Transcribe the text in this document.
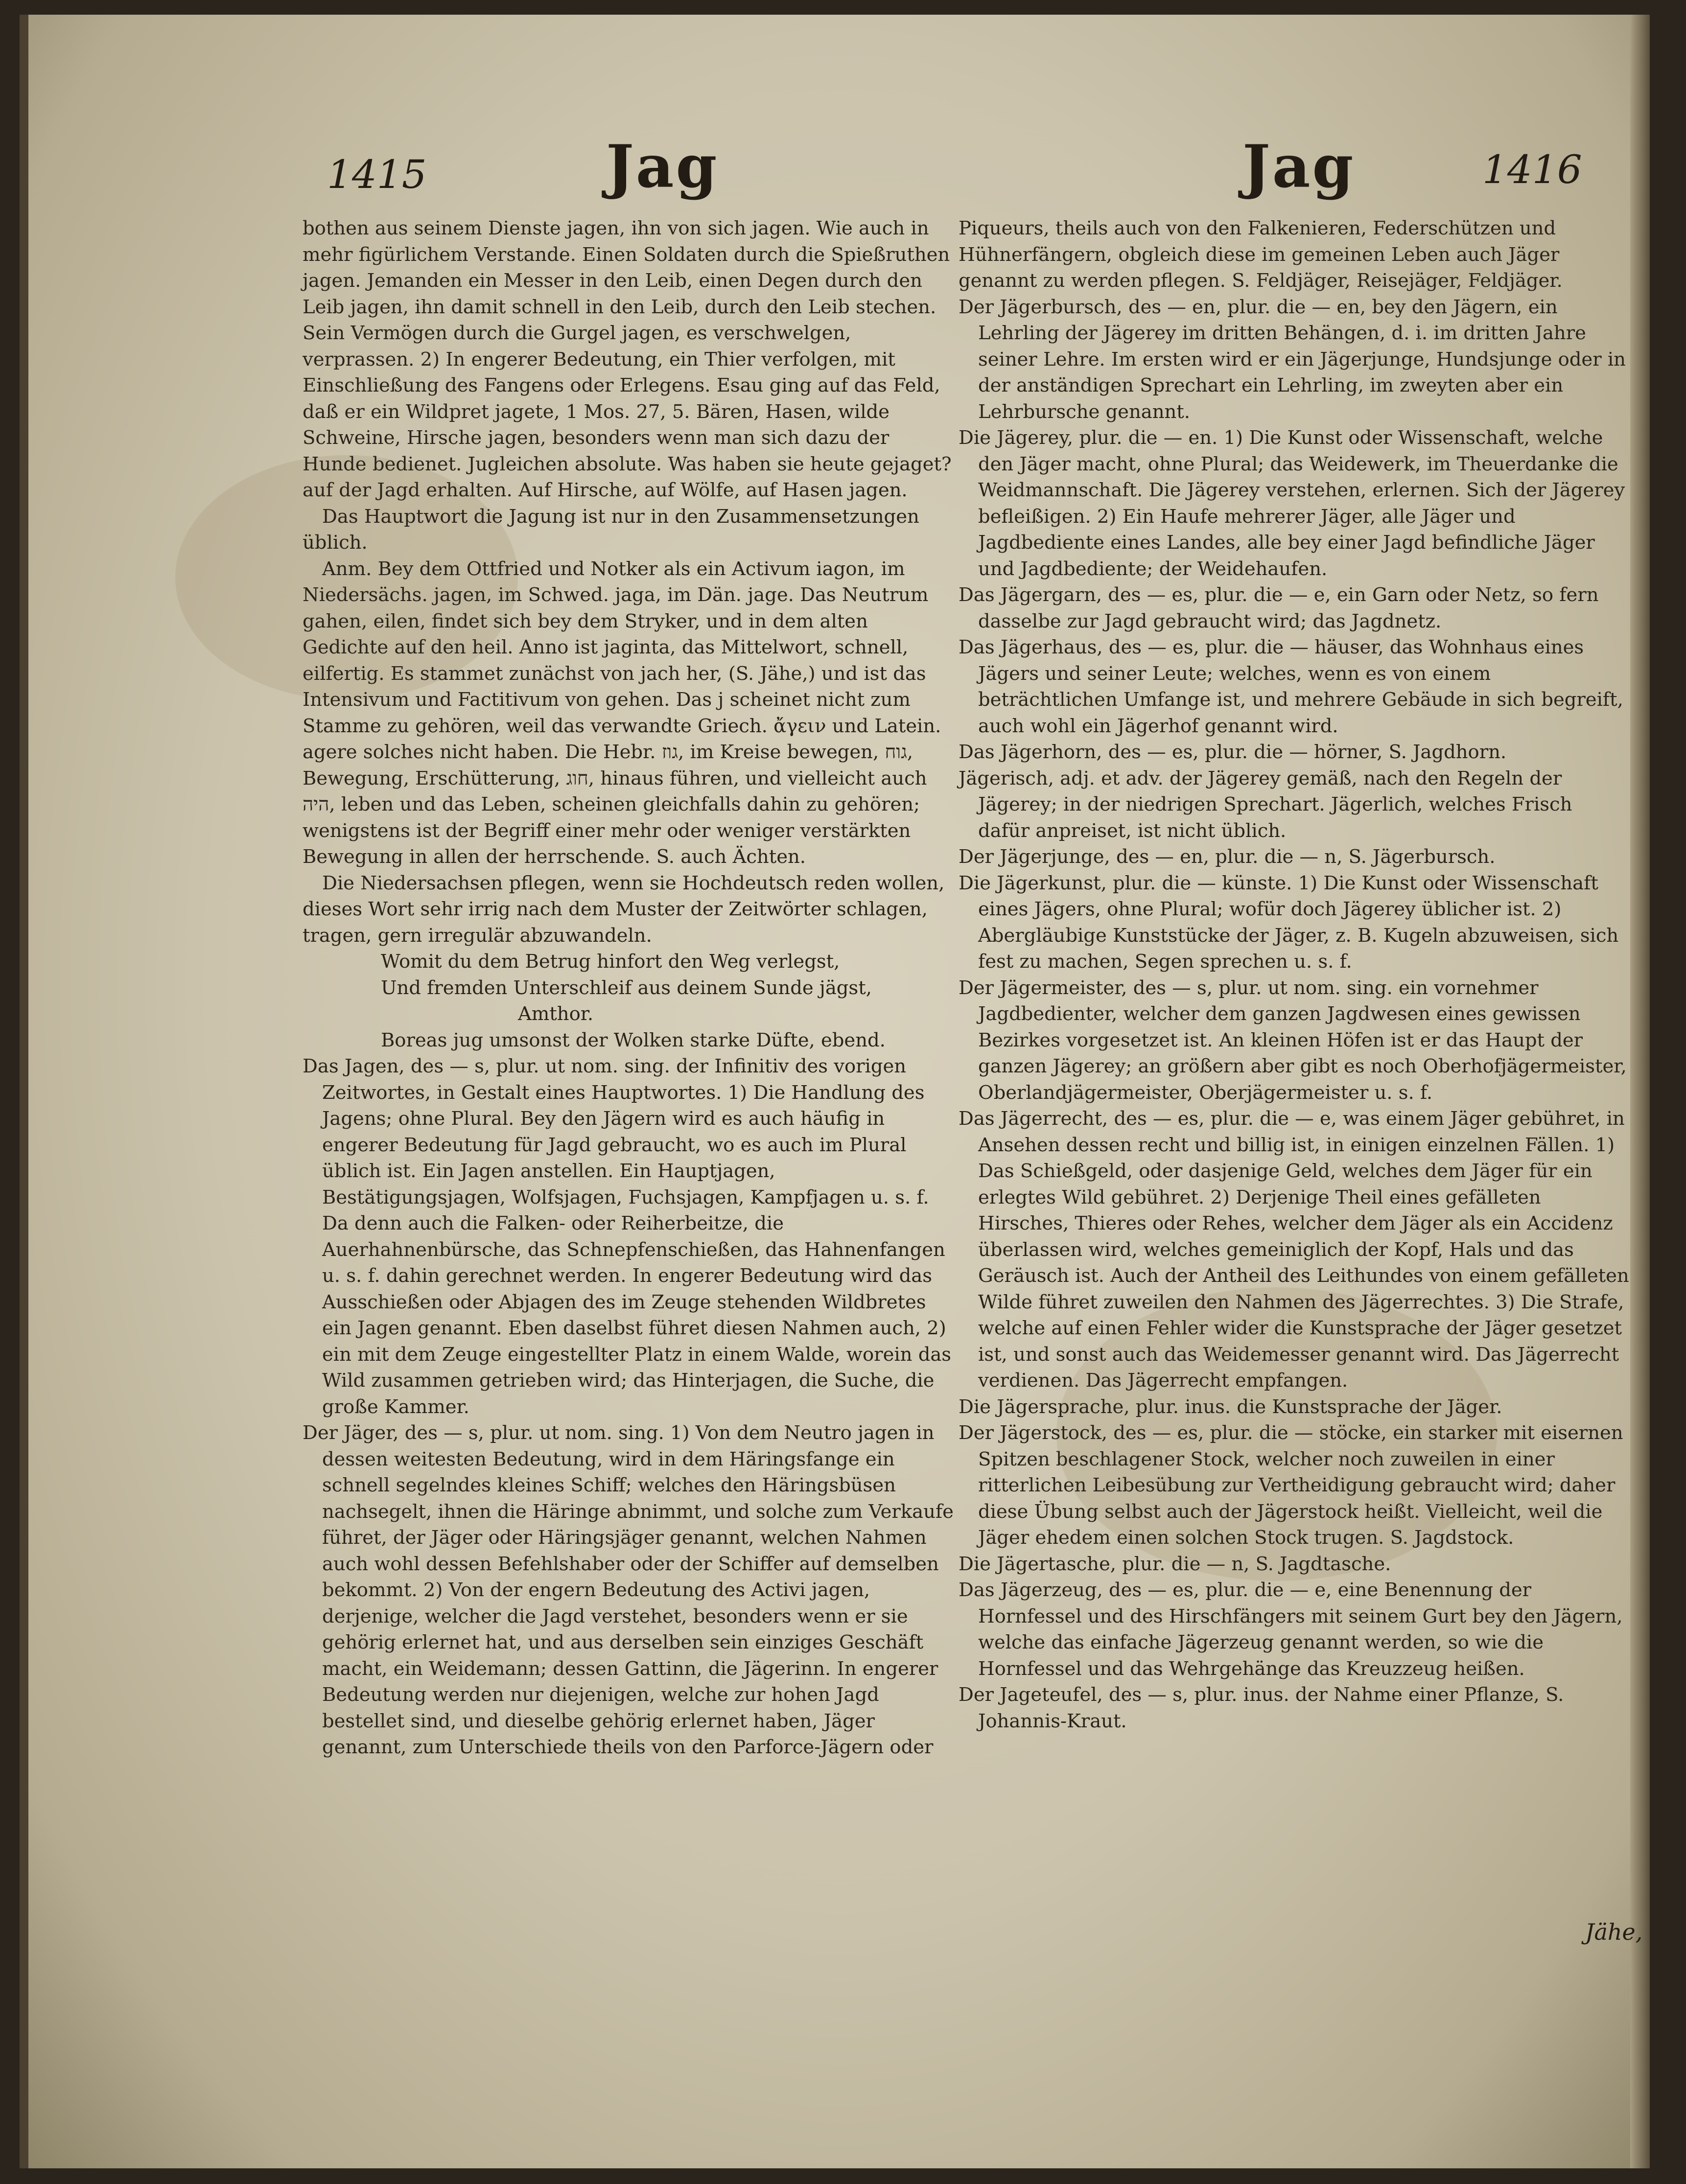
1415	Jag	Jag	1416

bothen aus seinem Dienste jagen, ihn von sich jagen. Wie auch in mehr figürlichem Verstande. Einen Soldaten durch die Spießruthen jagen. Jemanden ein Messer in den Leib, einen Degen durch den Leib jagen, ihn damit schnell in den Leib, durch den Leib stechen. Sein Vermögen durch die Gurgel jagen, es verschwelgen, verprassen. 2) In engerer Bedeutung, ein Thier verfolgen, mit Einschließung des Fangens oder Erlegens. Esau ging auf das Feld, daß er ein Wildpret jagete, 1 Mos. 27, 5. Bären, Hasen, wilde Schweine, Hirsche jagen, besonders wenn man sich dazu der Hunde bedienet. Jugleichen absolute. Was haben sie heute gejaget? auf der Jagd erhalten. Auf Hirsche, auf Wölfe, auf Hasen jagen.

Das Hauptwort die Jagung ist nur in den Zusammensetzungen üblich.

Anm. Bey dem Ottfried und Notker als ein Activum iagon, im Niedersächs. jagen, im Schwed. jaga, im Dän. jage. Das Neutrum gahen, eilen, findet sich bey dem Stryker, und in dem alten Gedichte auf den heil. Anno ist jaginta, das Mittelwort, schnell, eilfertig. Es stammet zunächst von jach her, (S. Jähe,) und ist das Intensivum und Factitivum von gehen. Das j scheinet nicht zum Stamme zu gehören, weil das verwandte Griech. ἄγειν und Latein. agere solches nicht haben. Die Hebr. גוז, im Kreise bewegen, גוח, Bewegung, Erschütterung, חוג, hinaus führen, und vielleicht auch היה, leben und das Leben, scheinen gleichfalls dahin zu gehören; wenigstens ist der Begriff einer mehr oder weniger verstärkten Bewegung in allen der herrschende. S. auch Ächten.

Die Niedersachsen pflegen, wenn sie Hochdeutsch reden wollen, dieses Wort sehr irrig nach dem Muster der Zeitwörter schlagen, tragen, gern irregulär abzuwandeln.

Womit du dem Betrug hinfort den Weg verlegst,

Und fremden Unterschleif aus deinem Sunde jägst,

Amthor.

Boreas jug umsonst der Wolken starke Düfte, ebend.

Das Jagen, des — s, plur. ut nom. sing. der Infinitiv des vorigen Zeitwortes, in Gestalt eines Hauptwortes. 1) Die Handlung des Jagens; ohne Plural. Bey den Jägern wird es auch häufig in engerer Bedeutung für Jagd gebraucht, wo es auch im Plural üblich ist. Ein Jagen anstellen. Ein Hauptjagen, Bestätigungsjagen, Wolfsjagen, Fuchsjagen, Kampfjagen u. s. f. Da denn auch die Falken- oder Reiherbeitze, die Auerhahnenbürsche, das Schnepfenschießen, das Hahnenfangen u. s. f. dahin gerechnet werden. In engerer Bedeutung wird das Ausschießen oder Abjagen des im Zeuge stehenden Wildbretes ein Jagen genannt. Eben daselbst führet diesen Nahmen auch, 2) ein mit dem Zeuge eingestellter Platz in einem Walde, worein das Wild zusammen getrieben wird; das Hinterjagen, die Suche, die große Kammer.

Der Jäger, des — s, plur. ut nom. sing. 1) Von dem Neutro jagen in dessen weitesten Bedeutung, wird in dem Häringsfange ein schnell segelndes kleines Schiff; welches den Häringsbüsen nachsegelt, ihnen die Häringe abnimmt, und solche zum Verkaufe führet, der Jäger oder Häringsjäger genannt, welchen Nahmen auch wohl dessen Befehlshaber oder der Schiffer auf demselben bekommt. 2) Von der engern Bedeutung des Activi jagen, derjenige, welcher die Jagd verstehet, besonders wenn er sie gehörig erlernet hat, und aus derselben sein einziges Geschäft macht, ein Weidemann; dessen Gattinn, die Jägerinn. In engerer Bedeutung werden nur diejenigen, welche zur hohen Jagd bestellet sind, und dieselbe gehörig erlernet haben, Jäger genannt, zum Unterschiede theils von den Parforce-Jägern oder

Piqueurs, theils auch von den Falkenieren, Federschützen und Hühnerfängern, obgleich diese im gemeinen Leben auch Jäger genannt zu werden pflegen. S. Feldjäger, Reisejäger, Feldjäger.

Der Jägerbursch, des — en, plur. die — en, bey den Jägern, ein Lehrling der Jägerey im dritten Behängen, d. i. im dritten Jahre seiner Lehre. Im ersten wird er ein Jägerjunge, Hundsjunge oder in der anständigen Sprechart ein Lehrling, im zweyten aber ein Lehrbursche genannt.

Die Jägerey, plur. die — en. 1) Die Kunst oder Wissenschaft, welche den Jäger macht, ohne Plural; das Weidewerk, im Theuerdanke die Weidmannschaft. Die Jägerey verstehen, erlernen. Sich der Jägerey befleißigen. 2) Ein Haufe mehrerer Jäger, alle Jäger und Jagdbediente eines Landes, alle bey einer Jagd befindliche Jäger und Jagdbediente; der Weidehaufen.

Das Jägergarn, des — es, plur. die — e, ein Garn oder Netz, so fern dasselbe zur Jagd gebraucht wird; das Jagdnetz.

Das Jägerhaus, des — es, plur. die — häuser, das Wohnhaus eines Jägers und seiner Leute; welches, wenn es von einem beträchtlichen Umfange ist, und mehrere Gebäude in sich begreift, auch wohl ein Jägerhof genannt wird.

Das Jägerhorn, des — es, plur. die — hörner, S. Jagdhorn.

Jägerisch, adj. et adv. der Jägerey gemäß, nach den Regeln der Jägerey; in der niedrigen Sprechart. Jägerlich, welches Frisch dafür anpreiset, ist nicht üblich.

Der Jägerjunge, des — en, plur. die — n, S. Jägerbursch.

Die Jägerkunst, plur. die — künste. 1) Die Kunst oder Wissenschaft eines Jägers, ohne Plural; wofür doch Jägerey üblicher ist. 2) Abergläubige Kunststücke der Jäger, z. B. Kugeln abzuweisen, sich fest zu machen, Segen sprechen u. s. f.

Der Jägermeister, des — s, plur. ut nom. sing. ein vornehmer Jagdbedienter, welcher dem ganzen Jagdwesen eines gewissen Bezirkes vorgesetzet ist. An kleinen Höfen ist er das Haupt der ganzen Jägerey; an größern aber gibt es noch Oberhofjägermeister, Oberlandjägermeister, Oberjägermeister u. s. f.

Das Jägerrecht, des — es, plur. die — e, was einem Jäger gebühret, in Ansehen dessen recht und billig ist, in einigen einzelnen Fällen. 1) Das Schießgeld, oder dasjenige Geld, welches dem Jäger für ein erlegtes Wild gebühret. 2) Derjenige Theil eines gefälleten Hirsches, Thieres oder Rehes, welcher dem Jäger als ein Accidenz überlassen wird, welches gemeiniglich der Kopf, Hals und das Geräusch ist. Auch der Antheil des Leithundes von einem gefälleten Wilde führet zuweilen den Nahmen des Jägerrechtes. 3) Die Strafe, welche auf einen Fehler wider die Kunstsprache der Jäger gesetzet ist, und sonst auch das Weidemesser genannt wird. Das Jägerrecht verdienen. Das Jägerrecht empfangen.

Die Jägersprache, plur. inus. die Kunstsprache der Jäger.

Der Jägerstock, des — es, plur. die — stöcke, ein starker mit eisernen Spitzen beschlagener Stock, welcher noch zuweilen in einer ritterlichen Leibesübung zur Vertheidigung gebraucht wird; daher diese Übung selbst auch der Jägerstock heißt. Vielleicht, weil die Jäger ehedem einen solchen Stock trugen. S. Jagdstock.

Die Jägertasche, plur. die — n, S. Jagdtasche.

Das Jägerzeug, des — es, plur. die — e, eine Benennung der Hornfessel und des Hirschfängers mit seinem Gurt bey den Jägern, welche das einfache Jägerzeug genannt werden, so wie die Hornfessel und das Wehrgehänge das Kreuzzeug heißen.

Der Jageteufel, des — s, plur. inus. der Nahme einer Pflanze, S. Johannis-Kraut.

Jähe,
